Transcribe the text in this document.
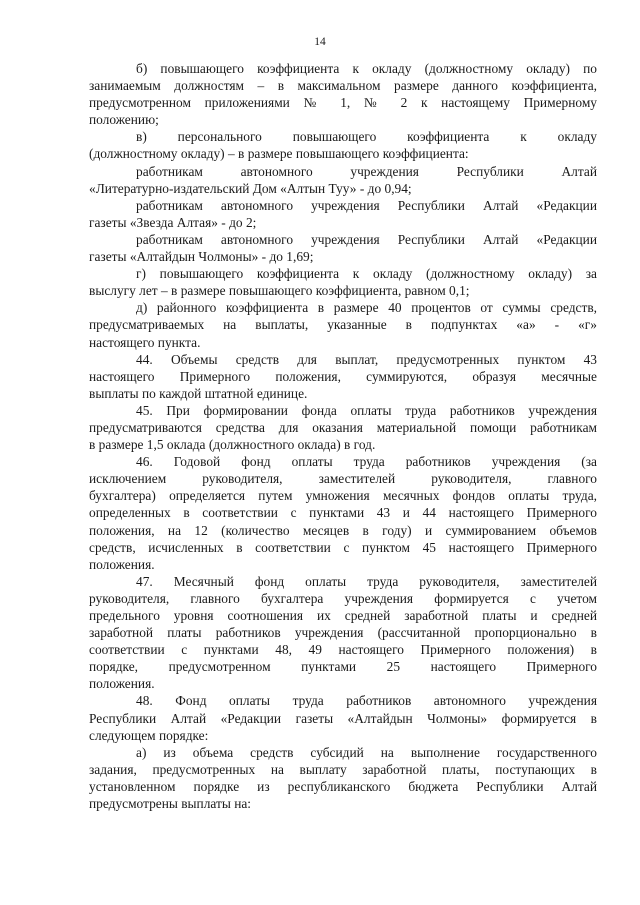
14

б) повышающего коэффициента к окладу (должностному окладу) по
занимаемым должностям – в максимальном размере данного коэффициента,
предусмотренном приложениями № 1, № 2 к настоящему Примерному
положению;

в) персонального повышающего коэффициента к окладу
(должностному окладу) – в размере повышающего коэффициента:

работникам автономного учреждения Республики Алтай
«Литературно-издательский Дом «Алтын Туу» - до 0,94;

работникам автономного учреждения Республики Алтай «Редакции
газеты «Звезда Алтая» - до 2;

работникам автономного учреждения Республики Алтай «Редакции
газеты «Алтайдын Чолмоны» - до 1,69;

г) повышающего коэффициента к окладу (должностному окладу) за
выслугу лет – в размере повышающего коэффициента, равном 0,1;

д) районного коэффициента в размере 40 процентов от суммы средств,
предусматриваемых на выплаты, указанные в подпунктах «а» - «г»
настоящего пункта.

44. Объемы средств для выплат, предусмотренных пунктом 43
настоящего Примерного положения, суммируются, образуя месячные
выплаты по каждой штатной единице.

45. При формировании фонда оплаты труда работников учреждения
предусматриваются средства для оказания материальной помощи работникам
в размере 1,5 оклада (должностного оклада) в год.

46. Годовой фонд оплаты труда работников учреждения (за
исключением руководителя, заместителей руководителя, главного
бухгалтера) определяется путем умножения месячных фондов оплаты труда,
определенных в соответствии с пунктами 43 и 44 настоящего Примерного
положения, на 12 (количество месяцев в году) и суммированием объемов
средств, исчисленных в соответствии с пунктом 45 настоящего Примерного
положения.

47. Месячный фонд оплаты труда руководителя, заместителей
руководителя, главного бухгалтера учреждения формируется с учетом
предельного уровня соотношения их средней заработной платы и средней
заработной платы работников учреждения (рассчитанной пропорционально в
соответствии с пунктами 48, 49 настоящего Примерного положения) в
порядке, предусмотренном пунктами 25 настоящего Примерного
положения.

48. Фонд оплаты труда работников автономного учреждения
Республики Алтай «Редакции газеты «Алтайдын Чолмоны» формируется в
следующем порядке:

а) из объема средств субсидий на выполнение государственного
задания, предусмотренных на выплату заработной платы, поступающих в
установленном порядке из республиканского бюджета Республики Алтай
предусмотрены выплаты на:
